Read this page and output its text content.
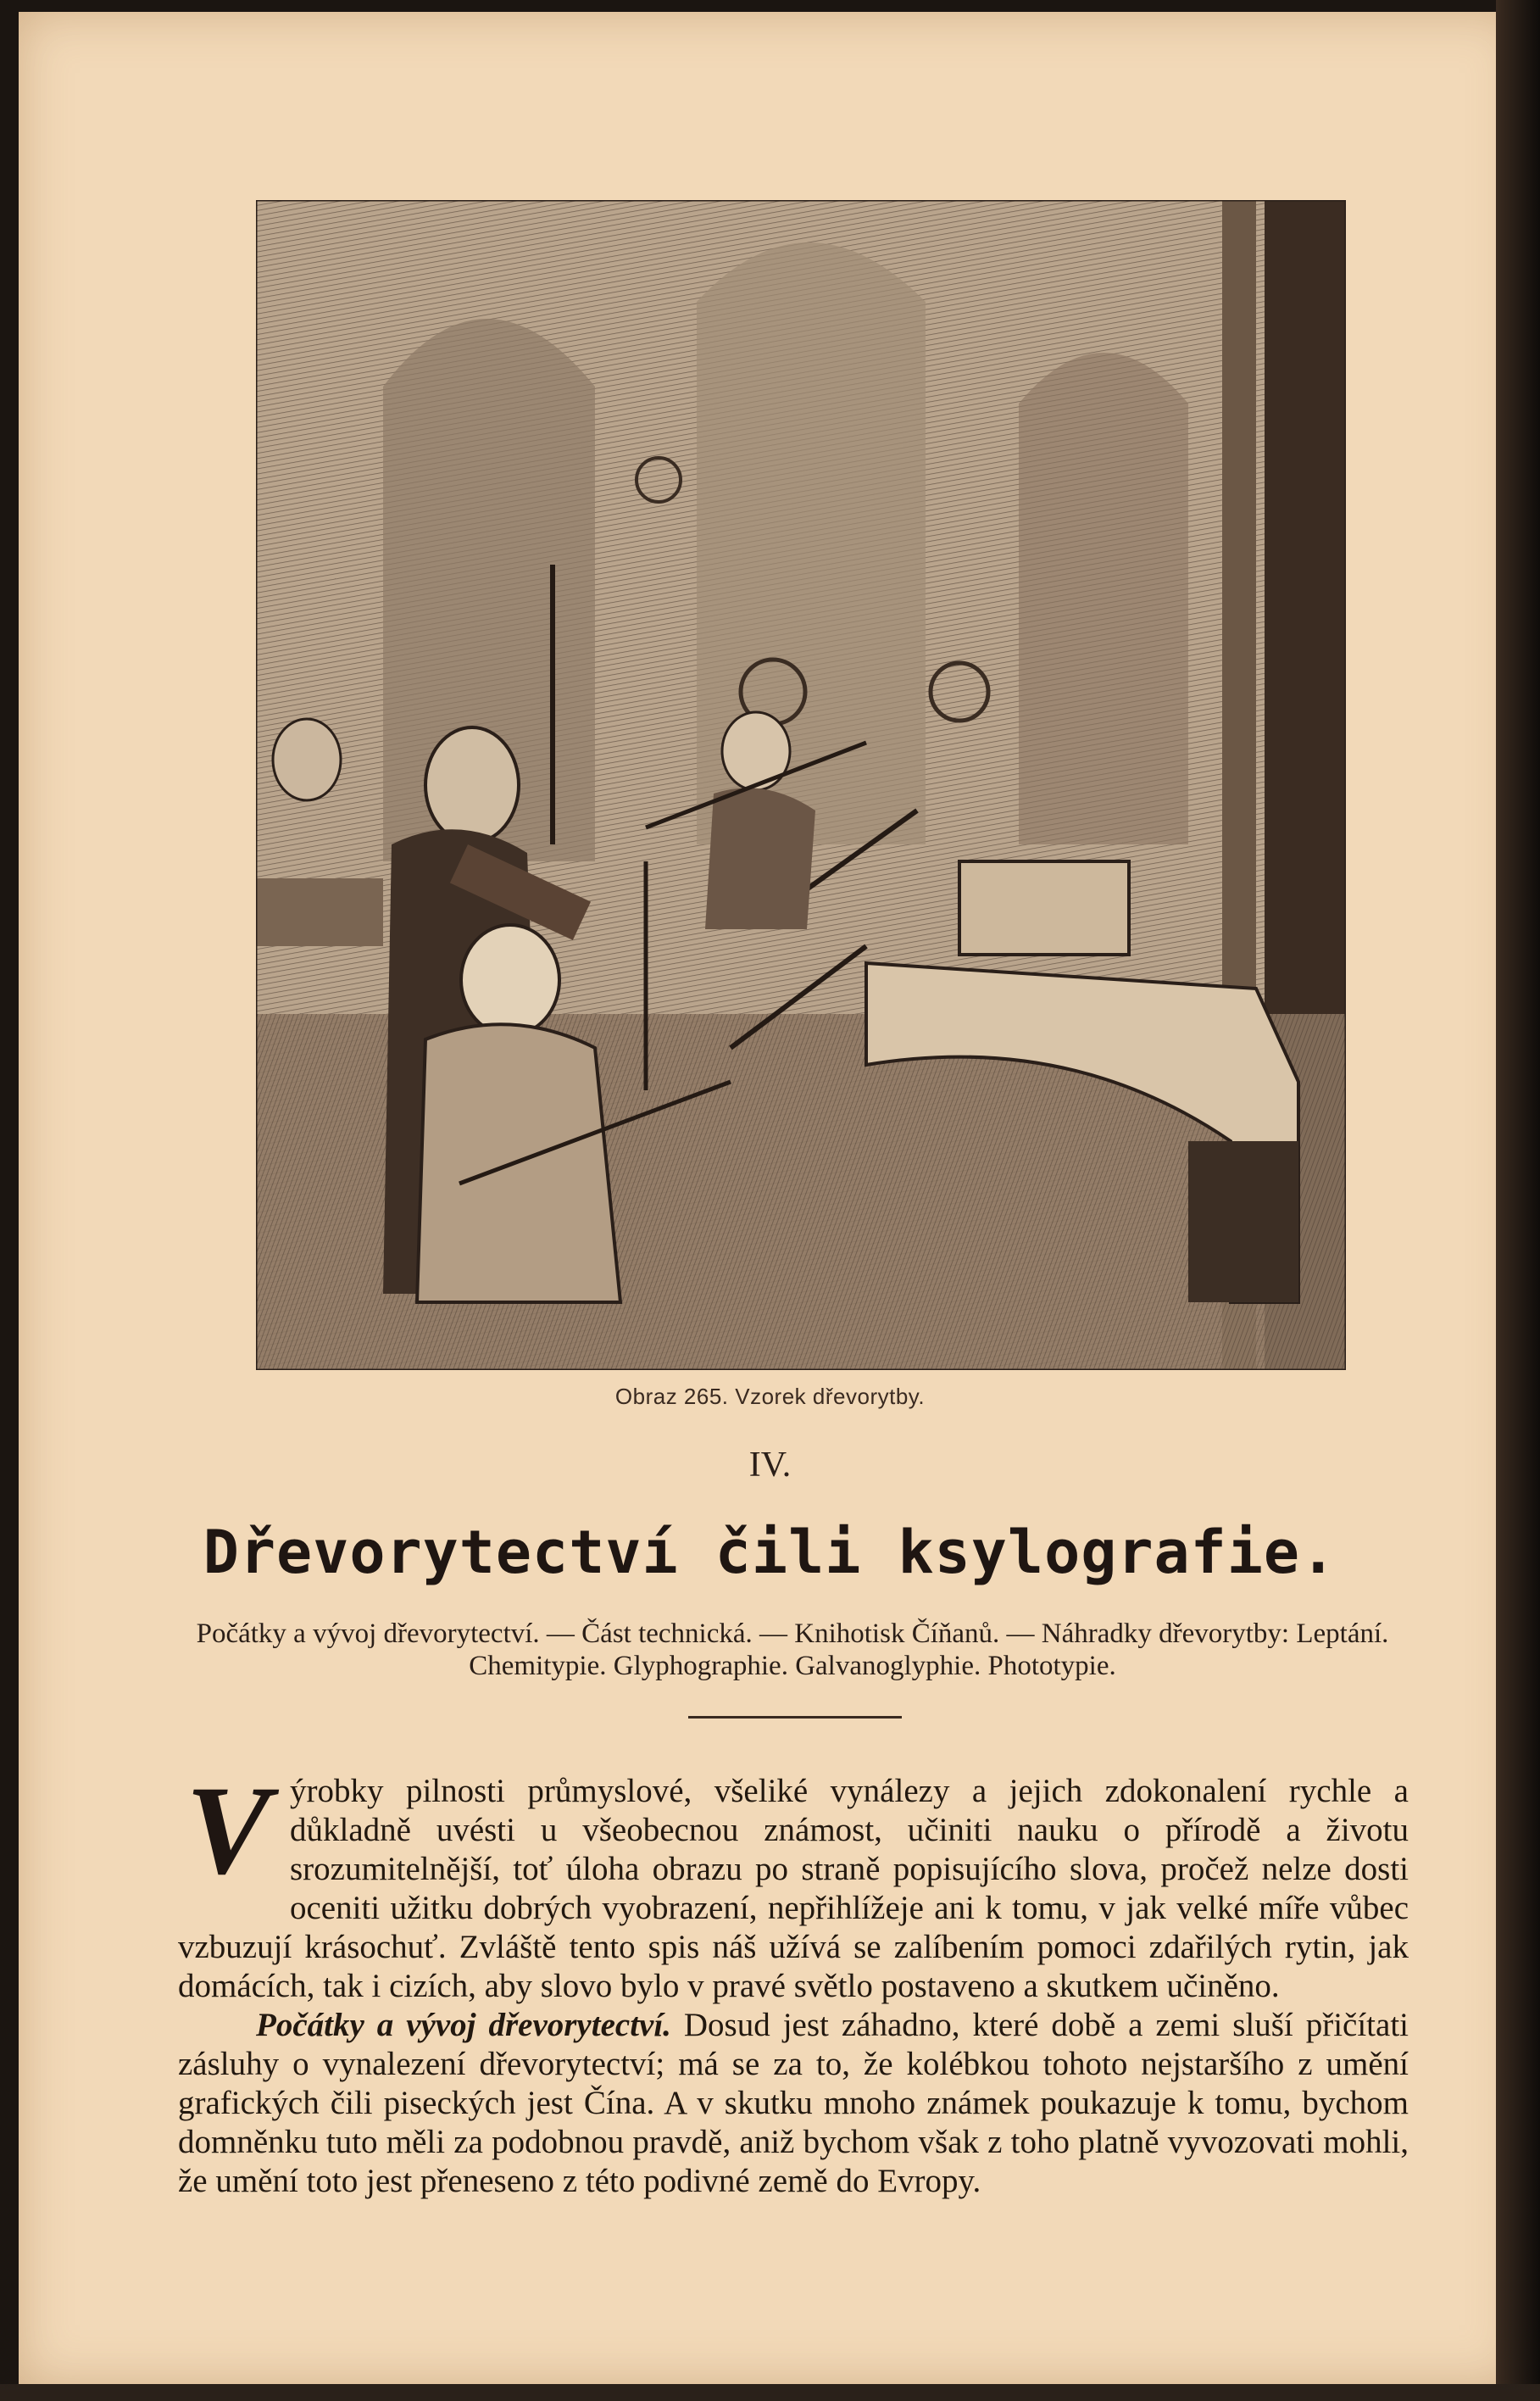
Obraz 265. Vzorek dřevorytby.
IV.
Dřevorytectví čili ksylografie.
Počátky a vývoj dřevorytectví. — Část technická. — Knihotisk Číňanů. — Náhradky dřevorytby: Leptání. Chemitypie. Glyphographie. Galvanoglyphie. Phototypie.

Výrobky pilnosti průmyslové, všeliké vynálezy a jejich zdokonalení rychle a důkladně uvésti u všeobecnou známost, učiniti nauku o přírodě a životu srozumitelnější, toť úloha obrazu po straně popisujícího slova, pročež nelze dosti oceniti užitku dobrých vyobrazení, nepřihlížeje ani k tomu, v jak velké míře vůbec vzbuzují krásochuť. Zvláště tento spis náš užívá se zalíbením pomoci zdařilých rytin, jak domácích, tak i cizích, aby slovo bylo v pravé světlo postaveno a skutkem učiněno.

Počátky a vývoj dřevorytectví. Dosud jest záhadno, které době a zemi sluší přičítati zásluhy o vynalezení dřevorytectví; má se za to, že kolébkou tohoto nejstaršího z umění grafických čili piseckých jest Čína. A v skutku mnoho známek poukazuje k tomu, bychom domněnku tuto měli za podobnou pravdě, aniž bychom však z toho platně vyvozovati mohli, že umění toto jest přeneseno z této podivné země do Evropy.
